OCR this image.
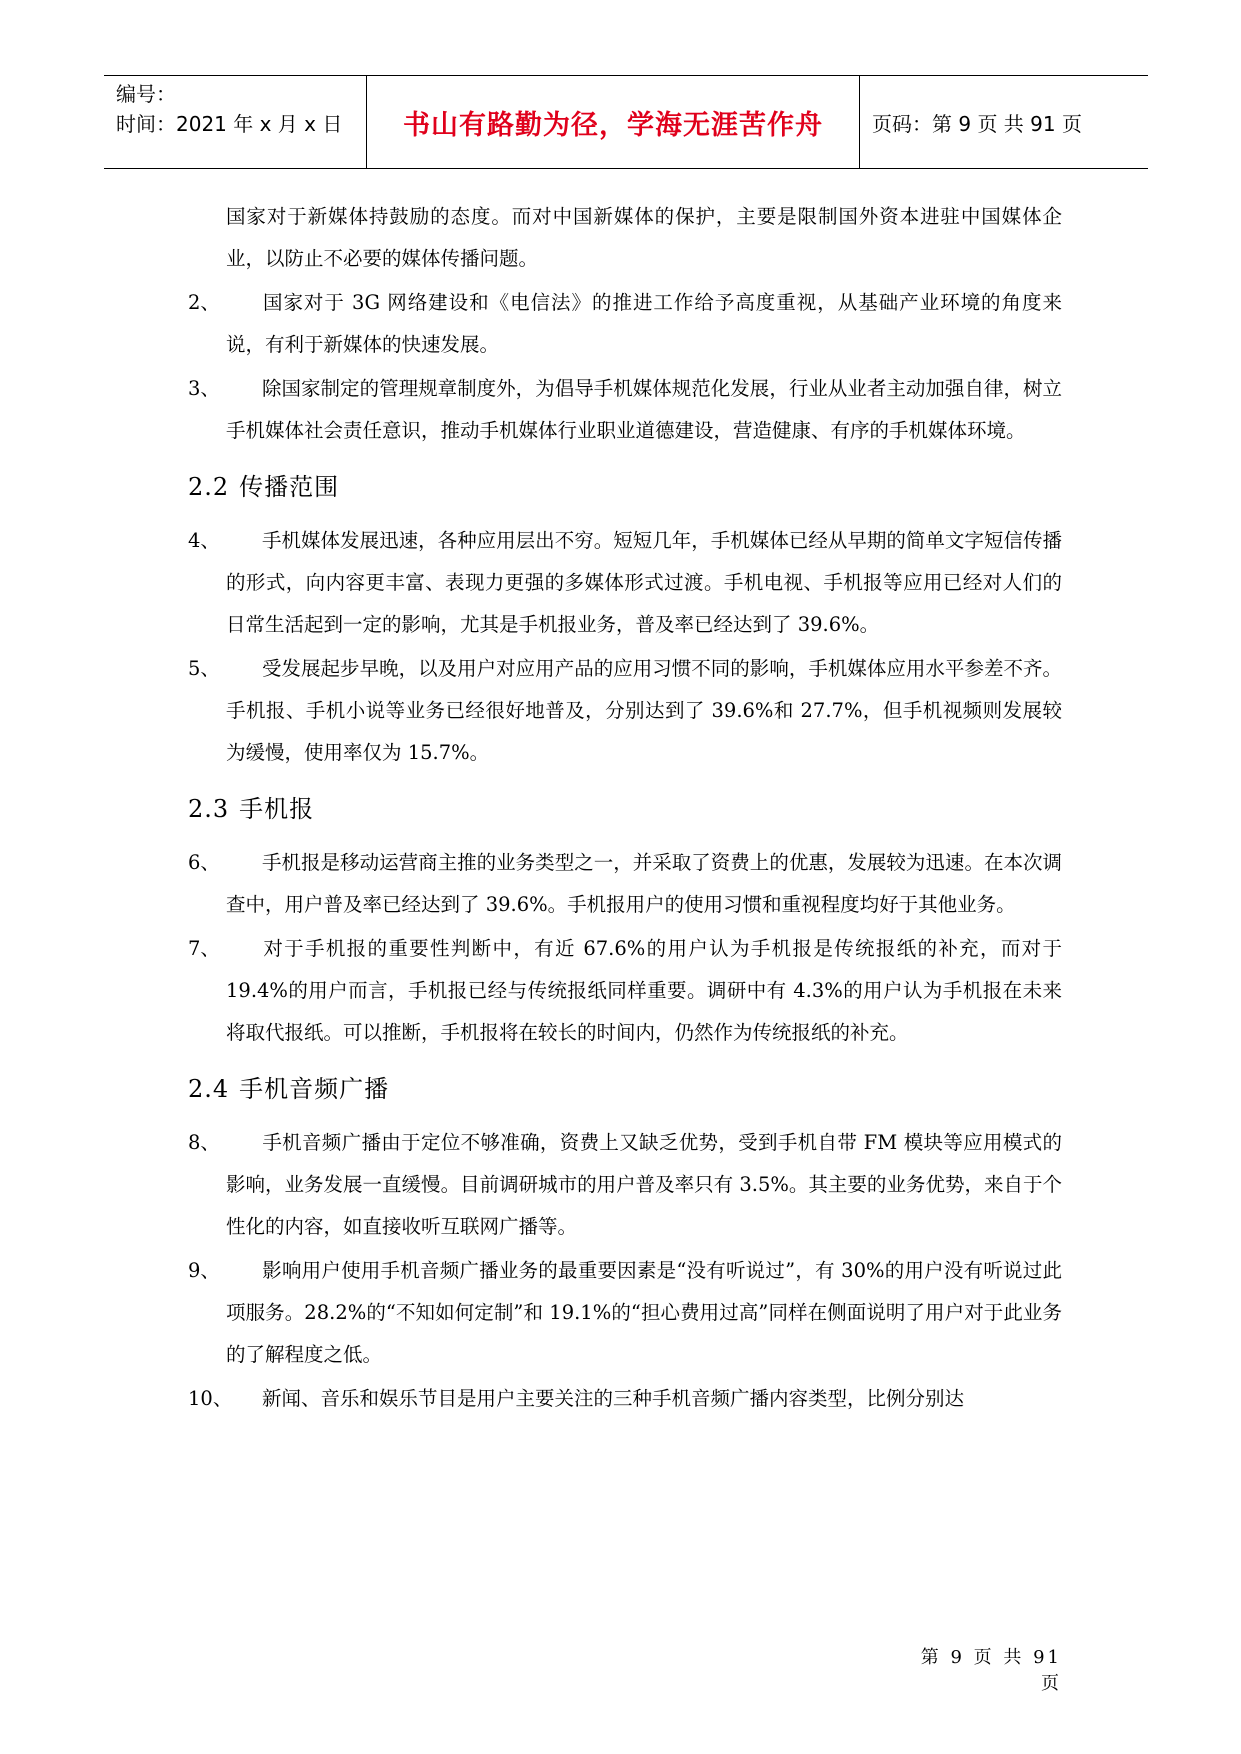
编号：
时间：2021 年 x 月 x 日	书山有路勤为径，学海无涯苦作舟	页码：第 9 页 共 91 页

国家对于新媒体持鼓励的态度。而对中国新媒体的保护，主要是限制国外资本进驻中国媒体企业，以防止不必要的媒体传播问题。

2、 国家对于 3G 网络建设和《电信法》的推进工作给予高度重视，从基础产业环境的角度来说，有利于新媒体的快速发展。

3、 除国家制定的管理规章制度外，为倡导手机媒体规范化发展，行业从业者主动加强自律，树立手机媒体社会责任意识，推动手机媒体行业职业道德建设，营造健康、有序的手机媒体环境。

2.2 传播范围

4、 手机媒体发展迅速，各种应用层出不穷。短短几年，手机媒体已经从早期的简单文字短信传播的形式，向内容更丰富、表现力更强的多媒体形式过渡。手机电视、手机报等应用已经对人们的日常生活起到一定的影响，尤其是手机报业务，普及率已经达到了 39.6%。

5、 受发展起步早晚，以及用户对应用产品的应用习惯不同的影响，手机媒体应用水平参差不齐。手机报、手机小说等业务已经很好地普及，分别达到了 39.6%和 27.7%，但手机视频则发展较为缓慢，使用率仅为 15.7%。

2.3 手机报

6、 手机报是移动运营商主推的业务类型之一，并采取了资费上的优惠，发展较为迅速。在本次调查中，用户普及率已经达到了 39.6%。手机报用户的使用习惯和重视程度均好于其他业务。

7、 对于手机报的重要性判断中，有近 67.6%的用户认为手机报是传统报纸的补充，而对于 19.4%的用户而言，手机报已经与传统报纸同样重要。调研中有 4.3%的用户认为手机报在未来将取代报纸。可以推断，手机报将在较长的时间内，仍然作为传统报纸的补充。

2.4 手机音频广播

8、 手机音频广播由于定位不够准确，资费上又缺乏优势，受到手机自带 FM 模块等应用模式的影响，业务发展一直缓慢。目前调研城市的用户普及率只有 3.5%。其主要的业务优势，来自于个性化的内容，如直接收听互联网广播等。

9、 影响用户使用手机音频广播业务的最重要因素是“没有听说过”，有 30%的用户没有听说过此项服务。28.2%的“不知如何定制”和 19.1%的“担心费用过高”同样在侧面说明了用户对于此业务的了解程度之低。

10、 新闻、音乐和娱乐节目是用户主要关注的三种手机音频广播内容类型，比例分别达

第 9 页 共 91 页
